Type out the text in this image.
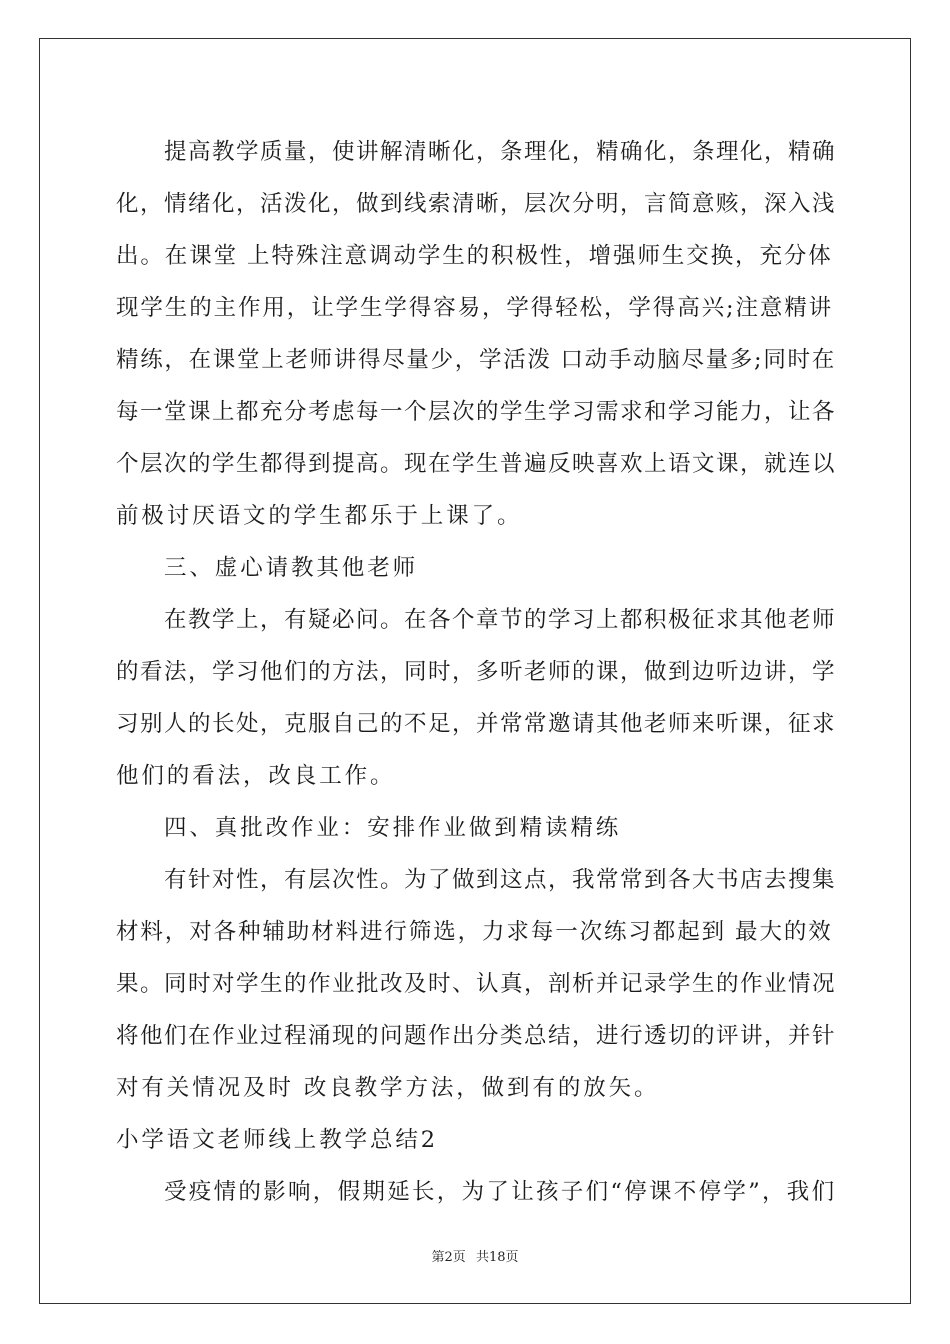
提高教学质量，使讲解清晰化，条理化，精确化，条理化，精确
化，情绪化，活泼化，做到线索清晰，层次分明，言简意赅，深入浅
出。在课堂 上特殊注意调动学生的积极性，增强师生交换，充分体
现学生的主作用，让学生学得容易，学得轻松，学得高兴;注意精讲
精练，在课堂上老师讲得尽量少，学活泼 口动手动脑尽量多;同时在
每一堂课上都充分考虑每一个层次的学生学习需求和学习能力，让各
个层次的学生都得到提高。现在学生普遍反映喜欢上语文课，就连以
前极讨厌语文的学生都乐于上课了。
三、虚心请教其他老师
在教学上，有疑必问。在各个章节的学习上都积极征求其他老师
的看法，学习他们的方法，同时，多听老师的课，做到边听边讲，学
习别人的长处，克服自己的不足，并常常邀请其他老师来听课，征求
他们的看法，改良工作。
四、真批改作业：安排作业做到精读精练
有针对性，有层次性。为了做到这点，我常常到各大书店去搜集
材料，对各种辅助材料进行筛选，力求每一次练习都起到 最大的效
果。同时对学生的作业批改及时、认真，剖析并记录学生的作业情况
将他们在作业过程涌现的问题作出分类总结，进行透切的评讲，并针
对有关情况及时 改良教学方法，做到有的放矢。
小学语文老师线上教学总结2
受疫情的影响，假期延长，为了让孩子们“停课不停学”，我们
第2页 共18页
